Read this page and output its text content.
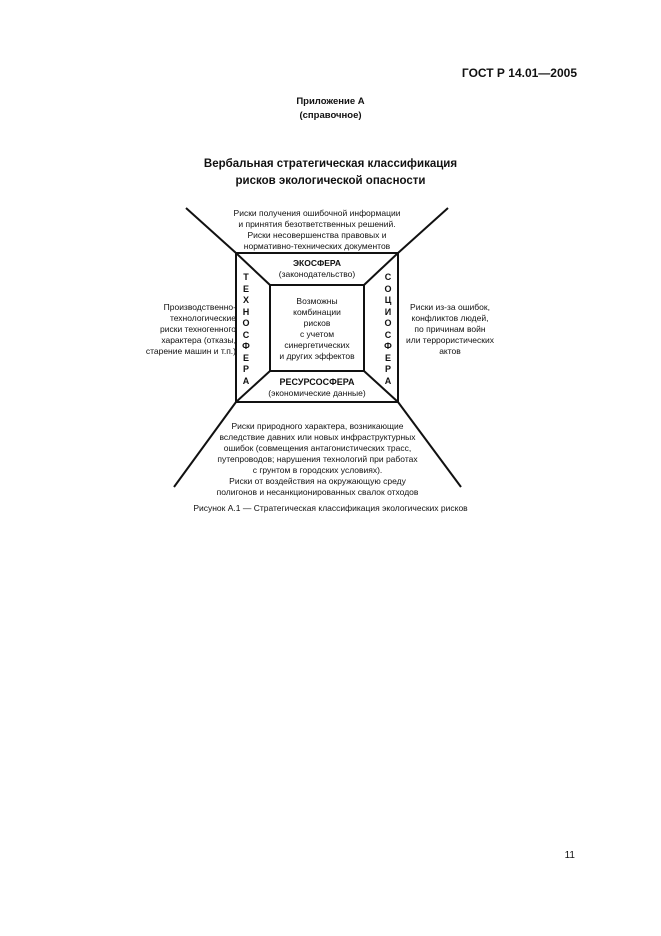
ГОСТ Р 14.01—2005
Приложение А
(справочное)
Вербальная стратегическая классификация
рисков экологической опасности
Риски получения ошибочной информации
и принятия безответственных решений.
Риски несовершенства правовых и
нормативно-технических документов
ЭКОСФЕРА
(законодательство)
Т
Е
Х
Н
О
С
Ф
Е
Р
А
С
О
Ц
И
О
С
Ф
Е
Р
А
Возможны
комбинации
рисков
с учетом
синергетических
и других эффектов
РЕСУРСОСФЕРА
(экономические данные)
Производственно-
технологические
риски техногенного
характера (отказы,
старение машин и т.п.)
Риски из-за ошибок,
конфликтов людей,
по причинам войн
или террористических
актов
Риски природного характера, возникающие
вследствие давних или новых инфраструктурных
ошибок (совмещения антагонистических трасс,
путепроводов; нарушения технологий при работах
с грунтом в городских условиях).
Риски от воздействия на окружающую среду
полигонов и несанкционированных свалок отходов
Рисунок А.1 — Стратегическая классификация экологических рисков
11
